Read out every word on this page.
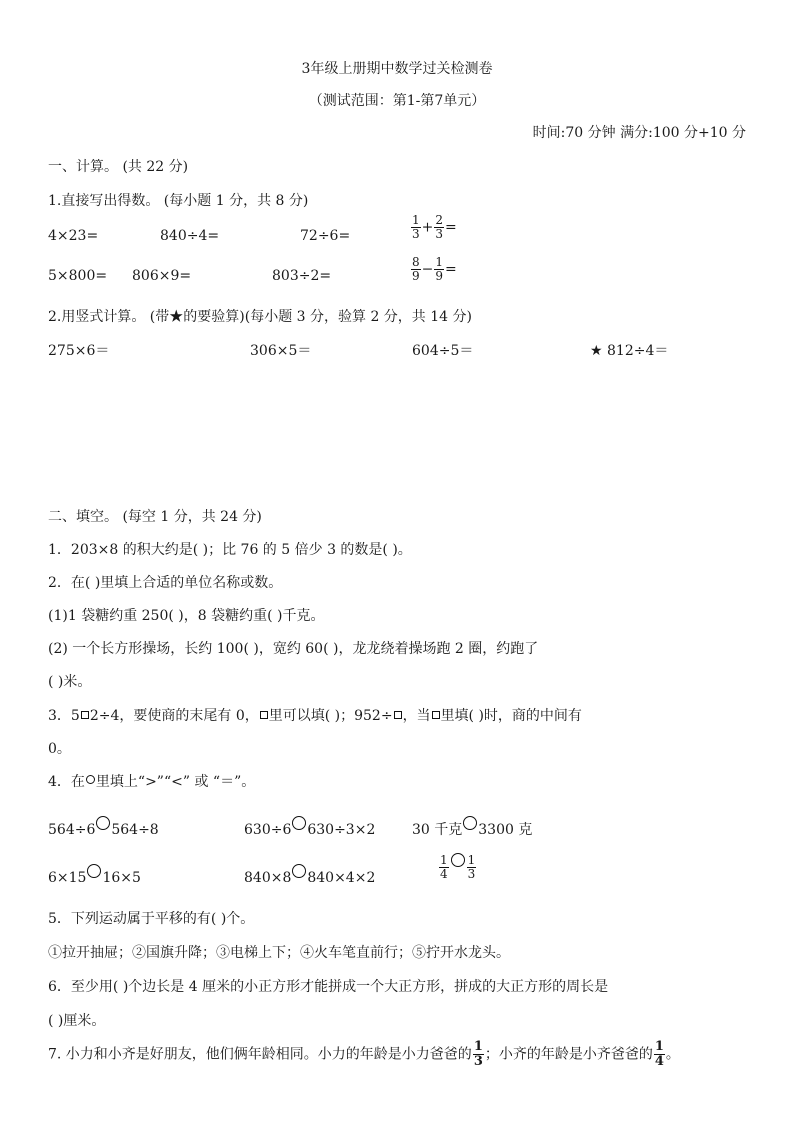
3年级上册期中数学过关检测卷
（测试范围：第1-第7单元）
时间:70 分钟 满分:100 分+10 分
一、计算。 (共 22 分)
1.直接写出得数。 (每小题 1 分，共 8 分)
4×23=	840÷4=	72÷6=	$\frac{1}{3} + \frac{2}{3}$ =
5×800= 806×9=	803÷2=	$\frac{8}{9} - \frac{1}{9}$ =
2.用竖式计算。 (带★的要验算)(每小题 3 分，验算 2 分，共 14 分)
275×6＝	306×5＝	604÷5＝	★ 812÷4＝
二、填空。 (每空 1 分，共 24 分)
1．203×8 的积大约是( )；比 76 的 5 倍少 3 的数是( )。
2．在( )里填上合适的单位名称或数。
(1)1 袋糖约重 250( )，8 袋糖约重( )千克。
(2) 一个长方形操场，长约 100( )，宽约 60( )，龙龙绕着操场跑 2 圈，约跑了
( )米。
3．5 2÷4，要使商的末尾有 0， 里可以填( )；952÷ ，当 里填( )时，商的中间有
0。
4．在 里填上“>”“<” 或 “＝”。
564÷6 564÷8	630÷6 630÷3×2	30 千克 3300 克
6×15 16×5	840×8 840×4×2	$\frac{1}{4} \frac{1}{3}$
5．下列运动属于平移的有( )个。
①拉开抽屉；②国旗升降；③电梯上下；④火车笔直前行；⑤拧开水龙头。
6．至少用( )个边长是 4 厘米的小正方形才能拼成一个大正方形，拼成的大正方形的周长是
( )厘米。
7. 小力和小齐是好朋友，他们俩年龄相同。小力的年龄是小力爸爸的 $\frac{1}{3}$ ；小齐的年龄是小齐爸爸的 $\frac{1}{4}$ 。
